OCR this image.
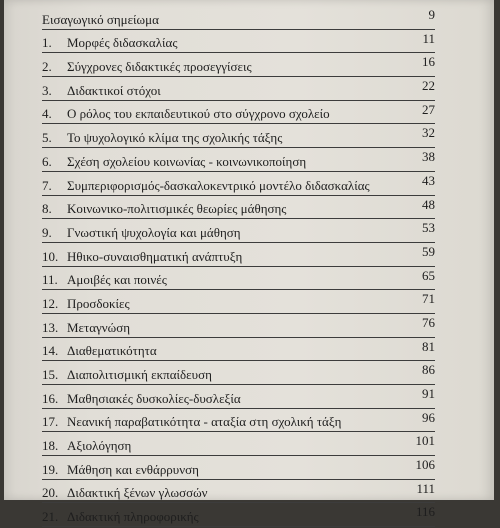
Εισαγωγικό σημείωμα	9
1. Μορφές διδασκαλίας	11
2. Σύγχρονες διδακτικές προσεγγίσεις	16
3. Διδακτικοί στόχοι	22
4. Ο ρόλος του εκπαιδευτικού στο σύγχρονο σχολείο	27
5. Το ψυχολογικό κλίμα της σχολικής τάξης	32
6. Σχέση σχολείου κοινωνίας - κοινωνικοποίηση	38
7. Συμπεριφορισμός-δασκαλοκεντρικό μοντέλο διδασκαλίας	43
8. Κοινωνικο-πολιτισμικές θεωρίες μάθησης	48
9. Γνωστική ψυχολογία και μάθηση	53
10. Ηθικο-συναισθηματική ανάπτυξη	59
11. Αμοιβές και ποινές	65
12. Προσδοκίες	71
13. Μεταγνώση	76
14. Διαθεματικότητα	81
15. Διαπολιτισμική εκπαίδευση	86
16. Μαθησιακές δυσκολίες-δυσλεξία	91
17. Νεανική παραβατικότητα - αταξία στη σχολική τάξη	96
18. Αξιολόγηση	101
19. Μάθηση και ενθάρρυνση	106
20. Διδακτική ξένων γλωσσών	111
21. Διδακτική πληροφορικής	116
